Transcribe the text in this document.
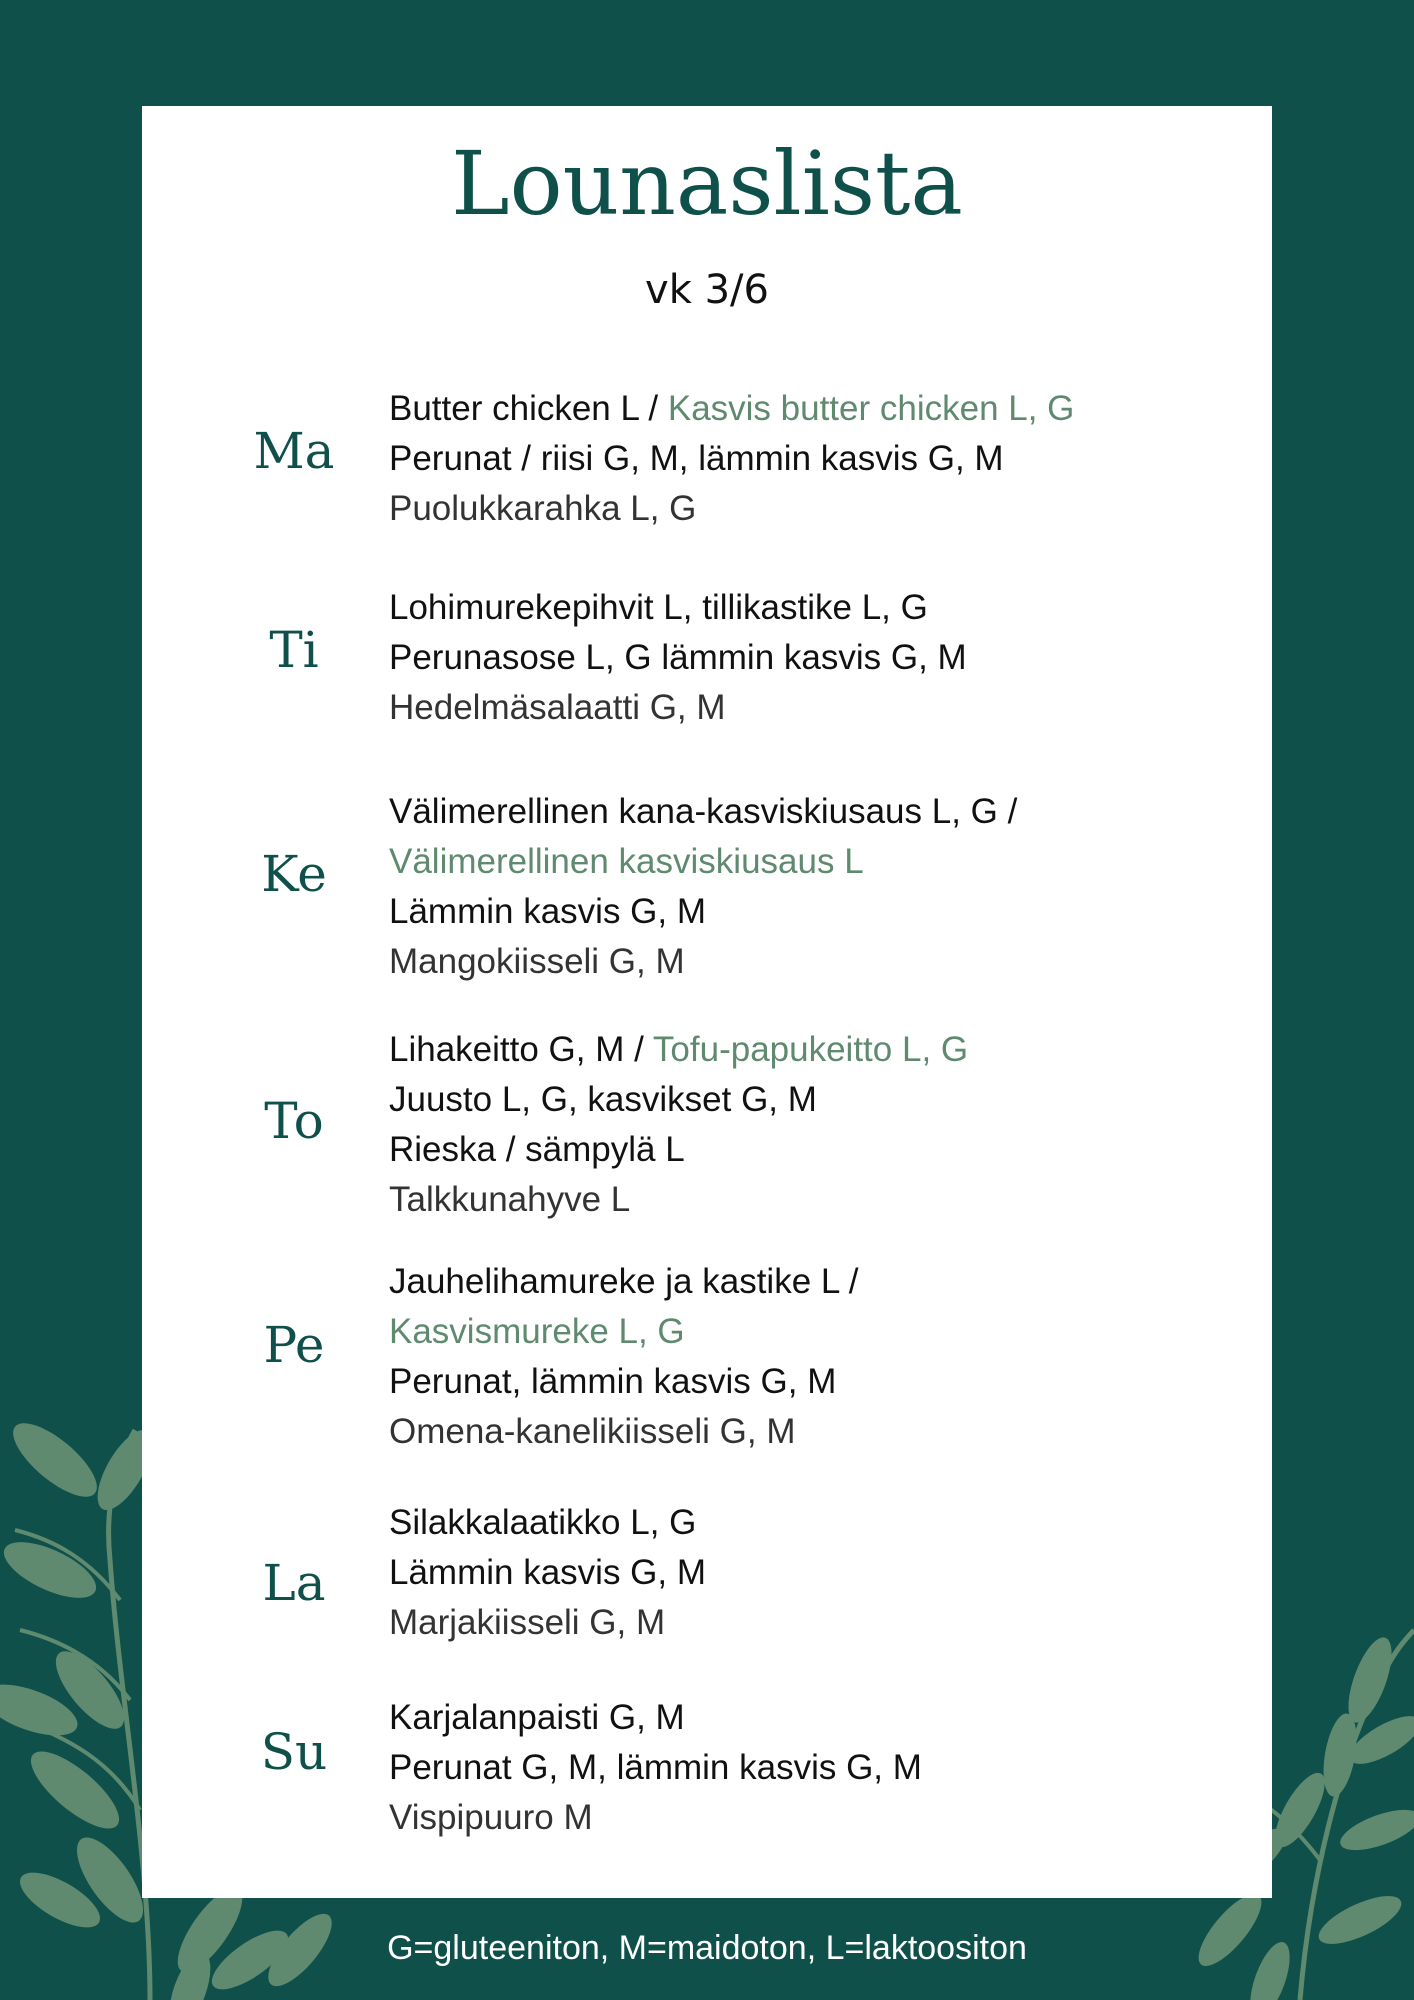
Lounaslista
vk 3/6
Ma
Butter chicken L / Kasvis butter chicken L, G
Perunat / riisi G, M, lämmin kasvis G, M
Puolukkarahka L, G
Ti
Lohimurekepihvit L, tillikastike L, G
Perunasose L, G lämmin kasvis G, M
Hedelmäsalaatti G, M
Ke
Välimerellinen kana-kasviskiusaus L, G /
Välimerellinen kasviskiusaus L
Lämmin kasvis G, M
Mangokiisseli G, M
To
Lihakeitto G, M / Tofu-papukeitto L, G
Juusto L, G, kasvikset G, M
Rieska / sämpylä L
Talkkunahyve L
Pe
Jauhelihamureke ja kastike L /
Kasvismureke L, G
Perunat, lämmin kasvis G, M
Omena-kanelikiisseli G, M
La
Silakkalaatikko L, G
Lämmin kasvis G, M
Marjakiisseli G, M
Su
Karjalanpaisti G, M
Perunat G, M, lämmin kasvis G, M
Vispipuuro M
G=gluteeniton, M=maidoton, L=laktoositon
